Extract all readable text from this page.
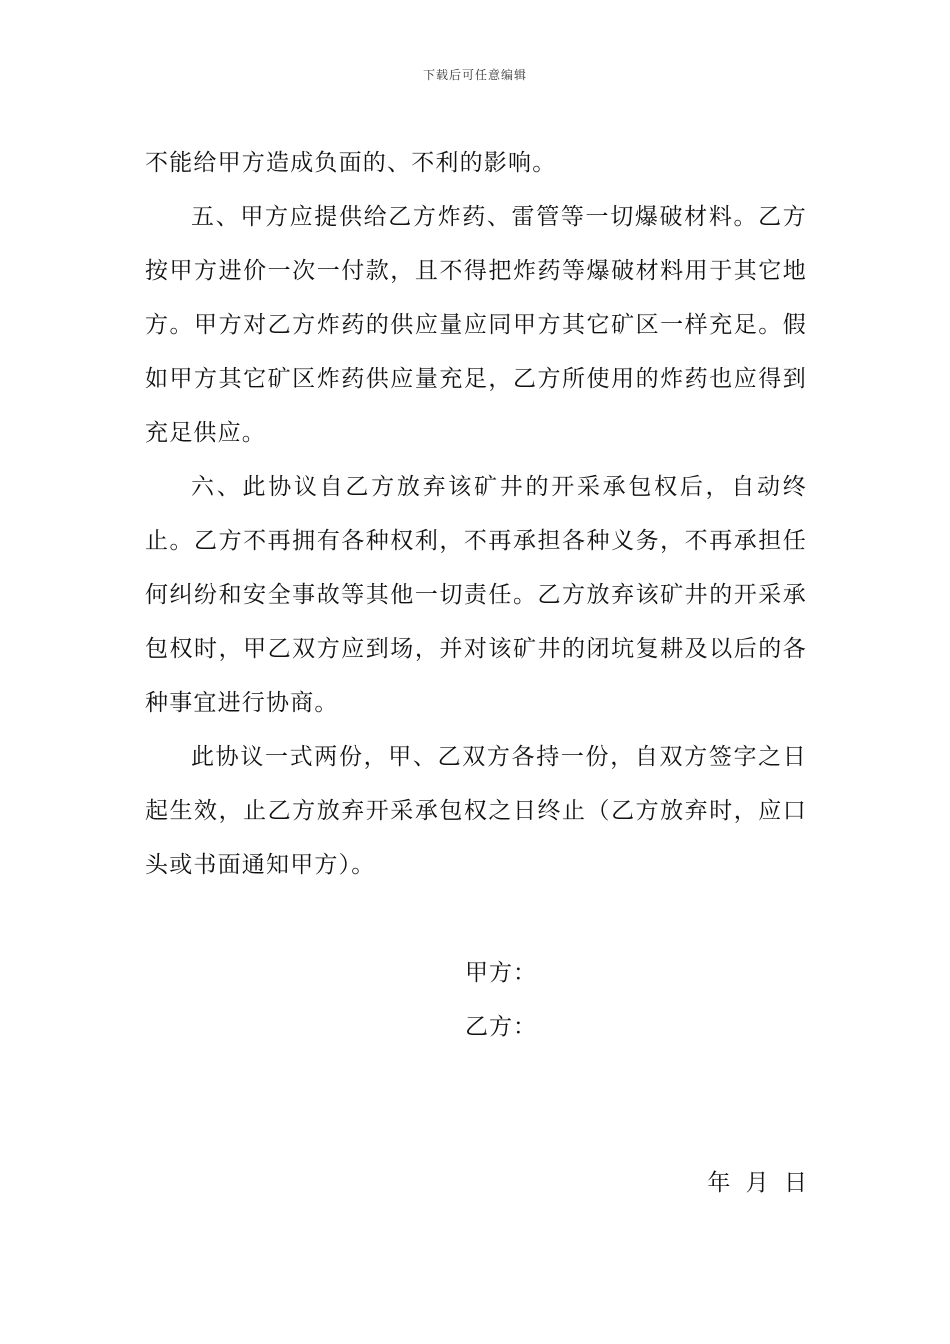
下载后可任意编辑

不能给甲方造成负面的、不利的影响。

五、甲方应提供给乙方炸药、雷管等一切爆破材料。乙方按甲方进价一次一付款，且不得把炸药等爆破材料用于其它地方。甲方对乙方炸药的供应量应同甲方其它矿区一样充足。假如甲方其它矿区炸药供应量充足，乙方所使用的炸药也应得到充足供应。

六、此协议自乙方放弃该矿井的开采承包权后，自动终止。乙方不再拥有各种权利，不再承担各种义务，不再承担任何纠纷和安全事故等其他一切责任。乙方放弃该矿井的开采承包权时，甲乙双方应到场，并对该矿井的闭坑复耕及以后的各种事宜进行协商。

此协议一式两份，甲、乙双方各持一份，自双方签字之日起生效，止乙方放弃开采承包权之日终止（乙方放弃时，应口头或书面通知甲方）。

甲方：
乙方：
年 月 日
